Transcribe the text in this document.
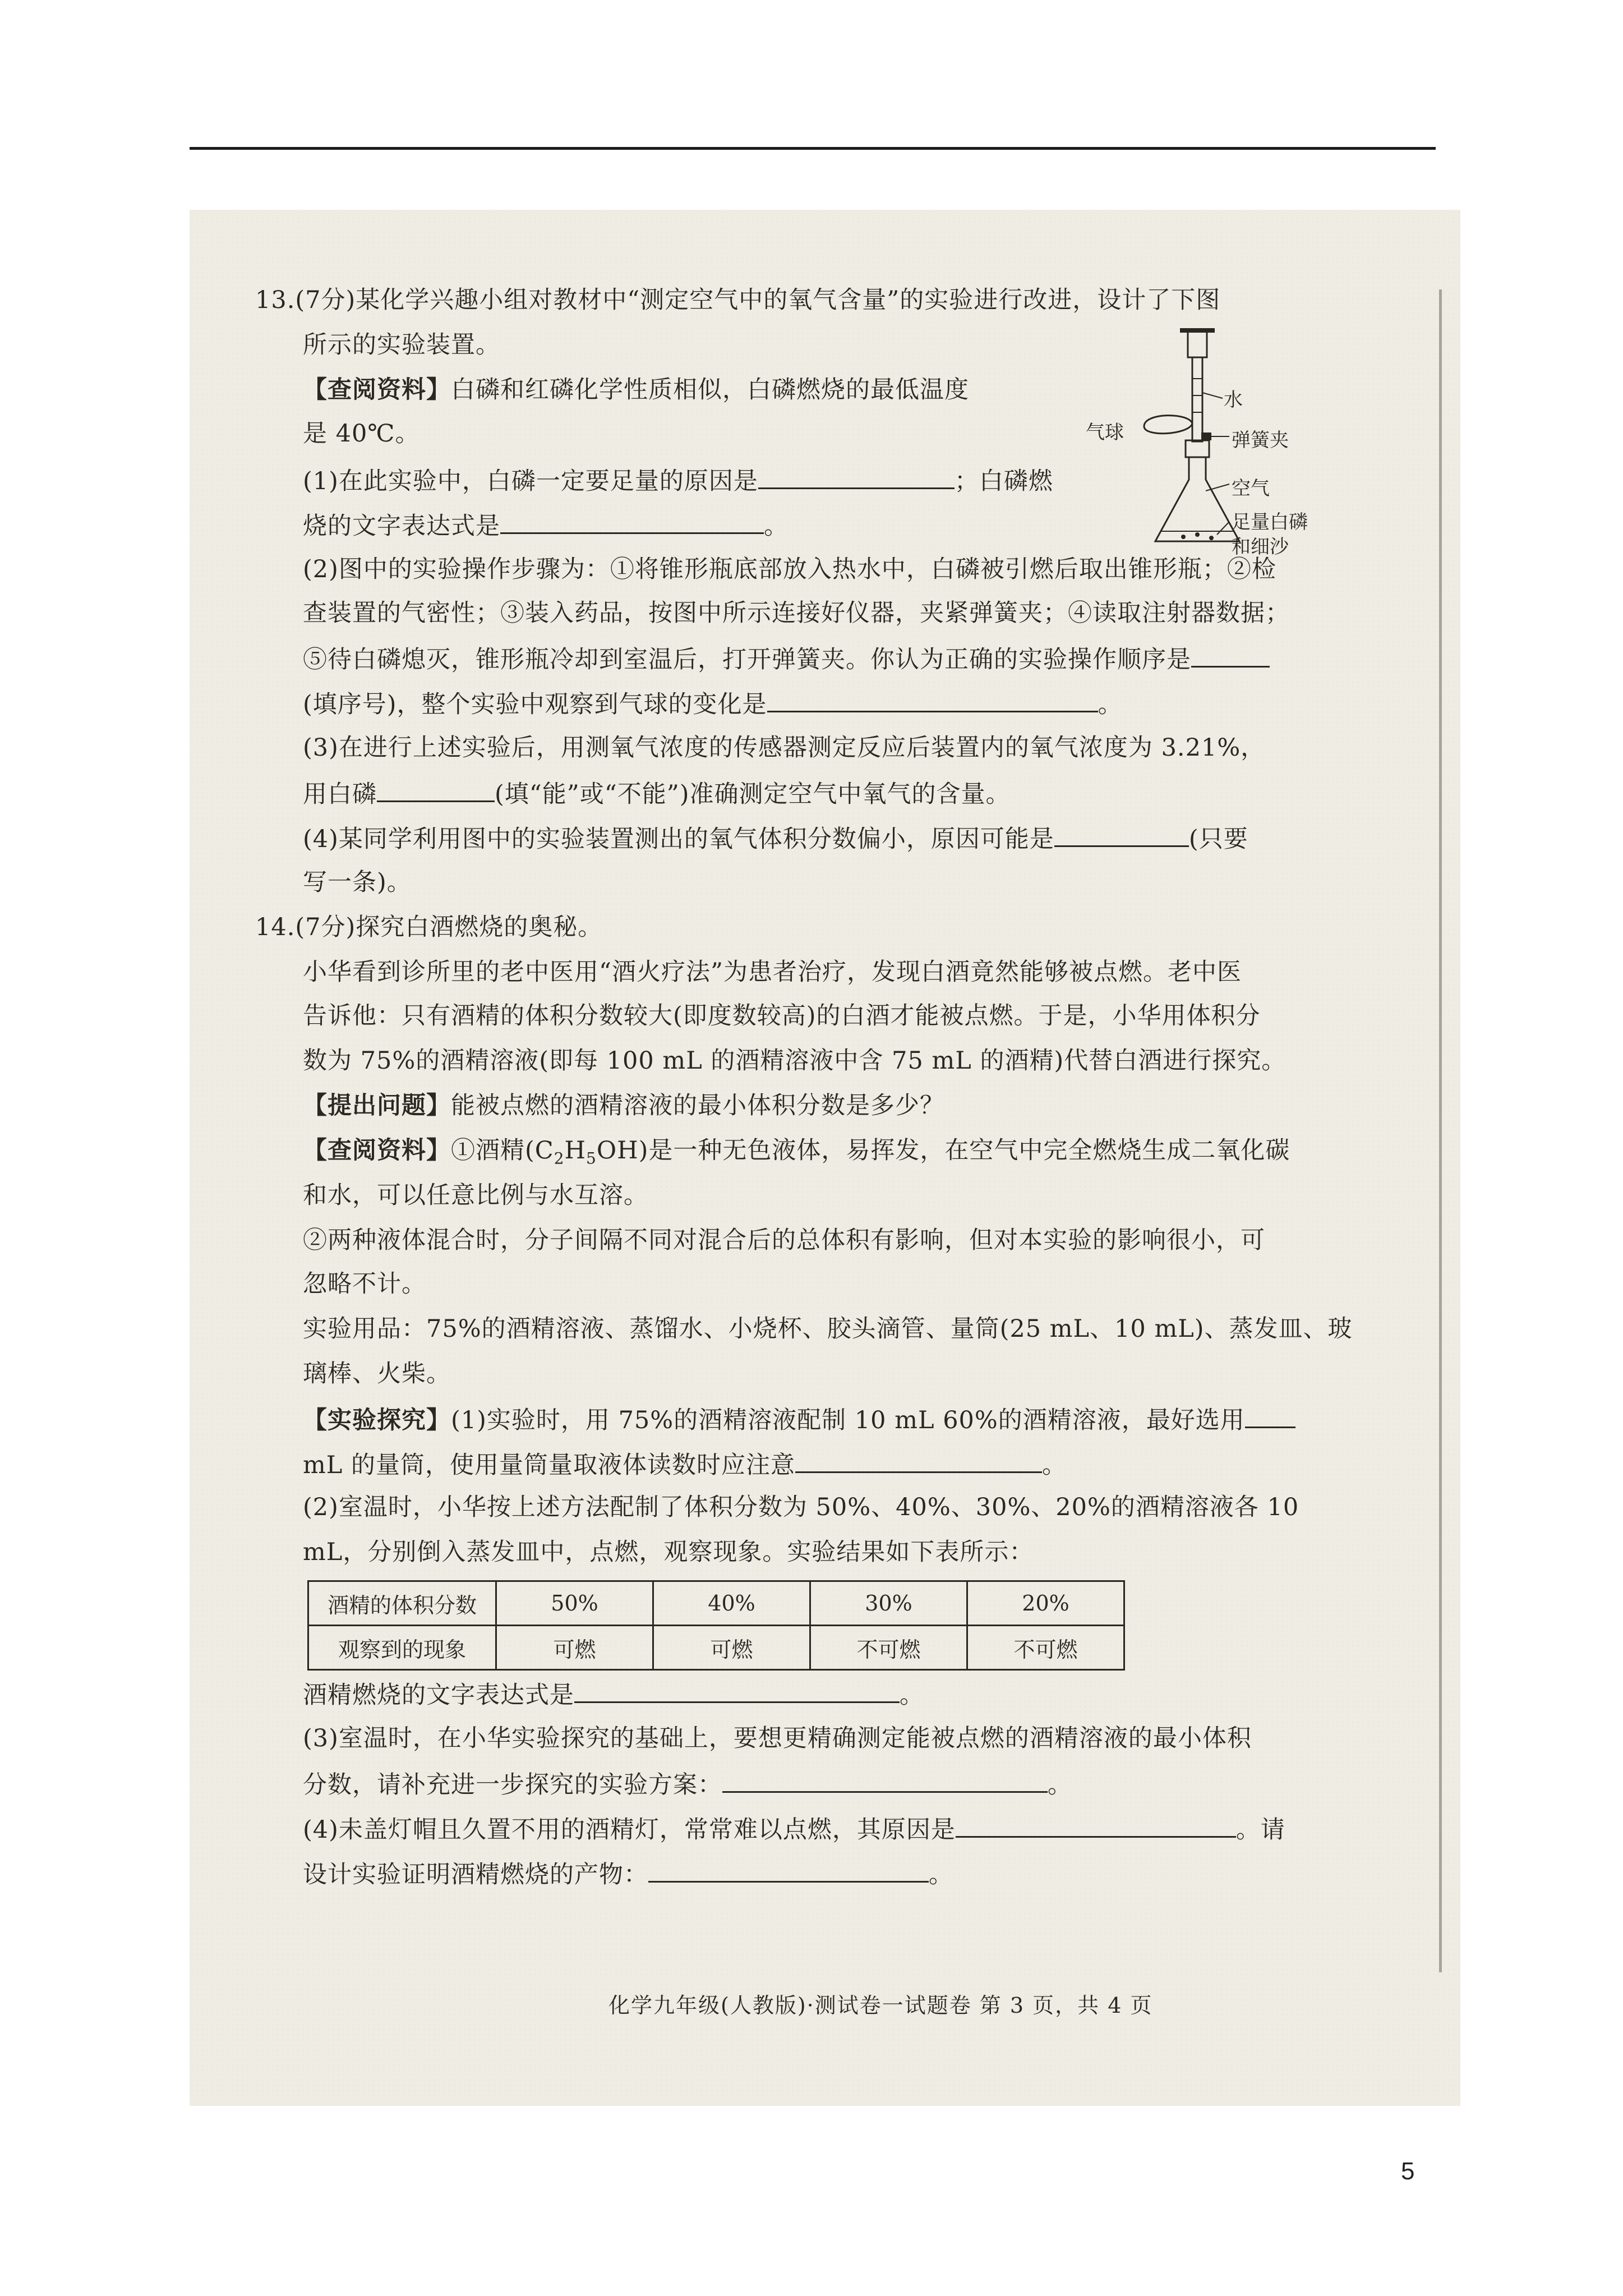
13.(7分)某化学兴趣小组对教材中“测定空气中的氧气含量”的实验进行改进，设计了下图
所示的实验装置。
【查阅资料】白磷和红磷化学性质相似，白磷燃烧的最低温度
是 40℃。
(1)在此实验中，白磷一定要足量的原因是	；白磷燃
烧的文字表达式是	。
(2)图中的实验操作步骤为：①将锥形瓶底部放入热水中，白磷被引燃后取出锥形瓶；②检
查装置的气密性；③装入药品，按图中所示连接好仪器，夹紧弹簧夹；④读取注射器数据；
⑤待白磷熄灭，锥形瓶冷却到室温后，打开弹簧夹。你认为正确的实验操作顺序是
(填序号)，整个实验中观察到气球的变化是	。
(3)在进行上述实验后，用测氧气浓度的传感器测定反应后装置内的氧气浓度为 3.21%，
用白磷	(填“能”或“不能”)准确测定空气中氧气的含量。
(4)某同学利用图中的实验装置测出的氧气体积分数偏小，原因可能是	(只要
写一条)。
水
气球	弹簧夹
空气
足量白磷
和细沙
14.(7分)探究白酒燃烧的奥秘。
小华看到诊所里的老中医用“酒火疗法”为患者治疗，发现白酒竟然能够被点燃。老中医
告诉他：只有酒精的体积分数较大(即度数较高)的白酒才能被点燃。于是，小华用体积分
数为 75%的酒精溶液(即每 100 mL 的酒精溶液中含 75 mL 的酒精)代替白酒进行探究。
【提出问题】能被点燃的酒精溶液的最小体积分数是多少？
【查阅资料】①酒精$(C_2H_5OH)$是一种无色液体，易挥发，在空气中完全燃烧生成二氧化碳
和水，可以任意比例与水互溶。
②两种液体混合时，分子间隔不同对混合后的总体积有影响，但对本实验的影响很小，可
忽略不计。
实验用品：75%的酒精溶液、蒸馏水、小烧杯、胶头滴管、量筒(25 mL、10 mL)、蒸发皿、玻
璃棒、火柴。
【实验探究】(1)实验时，用 75%的酒精溶液配制 10 mL 60%的酒精溶液，最好选用
mL 的量筒，使用量筒量取液体读数时应注意	。
(2)室温时，小华按上述方法配制了体积分数为 50%、40%、30%、20%的酒精溶液各 10
mL，分别倒入蒸发皿中，点燃，观察现象。实验结果如下表所示：
酒精的体积分数	50%	40%	30%	20%
观察到的现象	可燃	可燃	不可燃	不可燃
酒精燃烧的文字表达式是	。
(3)室温时，在小华实验探究的基础上，要想更精确测定能被点燃的酒精溶液的最小体积
分数，请补充进一步探究的实验方案：	。
(4)未盖灯帽且久置不用的酒精灯，常常难以点燃，其原因是	。请
设计实验证明酒精燃烧的产物：	。
化学九年级(人教版)·测试卷一试题卷 第 3 页，共 4 页
5
